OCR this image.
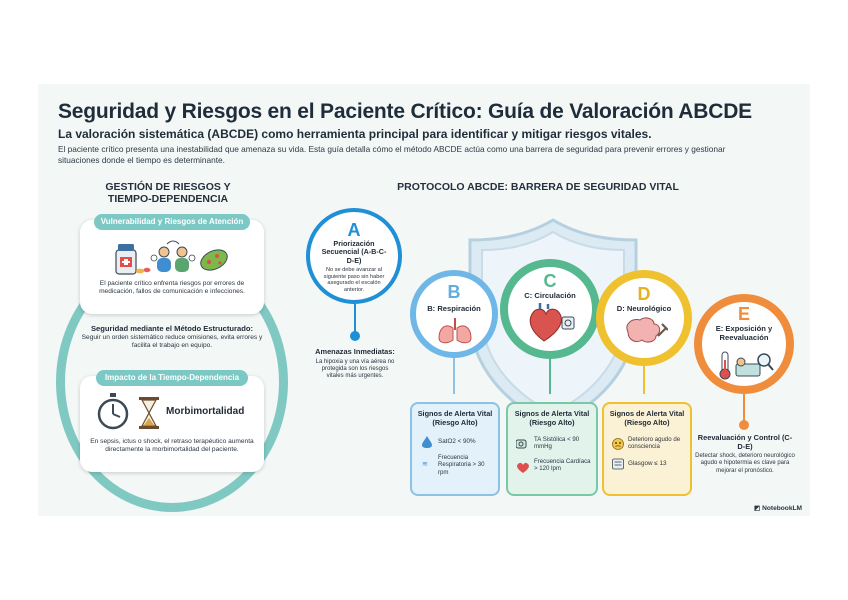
Seguridad y Riesgos en el Paciente Crítico: Guía de Valoración ABCDE
La valoración sistemática (ABCDE) como herramienta principal para identificar y mitigar riesgos vitales.
El paciente crítico presenta una inestabilidad que amenaza su vida. Esta guía detalla cómo el método ABCDE actúa como una barrera de seguridad para prevenir errores y gestionar situaciones donde el tiempo es determinante.
GESTIÓN DE RIESGOS Y
TIEMPO-DEPENDENCIA
Vulnerabilidad y Riesgos de Atención
El paciente crítico enfrenta riesgos por errores de medicación, fallos de comunicación e infecciones.
Seguridad mediante el Método Estructurado:
Seguir un orden sistemático reduce omisiones, evita errores y facilita el trabajo en equipo.
Impacto de la Tiempo-Dependencia
Morbimortalidad
En sepsis, ictus o shock, el retraso terapéutico aumenta directamente la morbimortalidad del paciente.
PROTOCOLO ABCDE: BARRERA DE SEGURIDAD VITAL
A
Priorización Secuencial (A-B-C-D-E)
No se debe avanzar al siguiente paso sin haber asegurado el escalón anterior.
Amenazas Inmediatas:
La hipoxia y una vía aérea no protegida son los riesgos vitales más urgentes.
B
B: Respiración
C
C: Circulación	D
D: Neurológico	E
E: Exposición y Reevaluación
Signos de Alerta Vital (Riesgo Alto)
SatO2 < 90%
≋
Frecuencia Respiratoria > 30 rpm
Signos de Alerta Vital (Riesgo Alto)
TA Sistólica < 90 mmHg
Frecuencia Cardíaca > 120 lpm
Signos de Alerta Vital (Riesgo Alto)
Deterioro agudo de consciencia
Glasgow ≤ 13
Reevaluación y Control (C-D-E)
Detectar shock, deterioro neurológico agudo e hipotermia es clave para mejorar el pronóstico.
◩ NotebookLM
